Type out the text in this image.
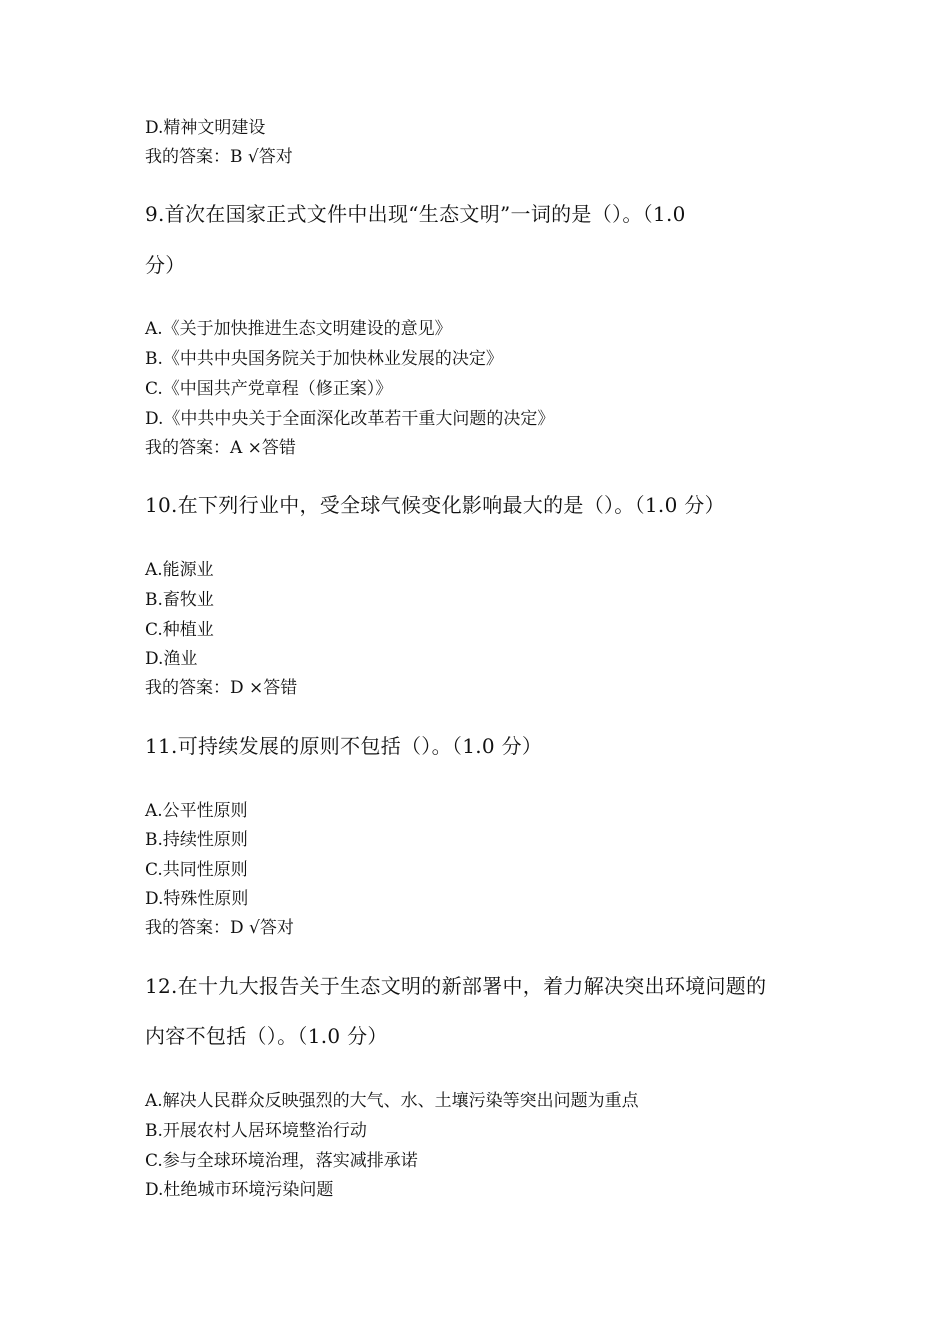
D.精神文明建设
我的答案：B √答对
9.首次在国家正式文件中出现“生态文明”一词的是（）。（1.0
分）
A.《关于加快推进生态文明建设的意见》
B.《中共中央国务院关于加快林业发展的决定》
C.《中国共产党章程（修正案）》
D.《中共中央关于全面深化改革若干重大问题的决定》
我的答案：A ×答错
10.在下列行业中，受全球气候变化影响最大的是（）。（1.0 分）
A.能源业
B.畜牧业
C.种植业
D.渔业
我的答案：D ×答错
11.可持续发展的原则不包括（）。（1.0 分）
A.公平性原则
B.持续性原则
C.共同性原则
D.特殊性原则
我的答案：D √答对
12.在十九大报告关于生态文明的新部署中，着力解决突出环境问题的
内容不包括（）。（1.0 分）
A.解决人民群众反映强烈的大气、水、土壤污染等突出问题为重点
B.开展农村人居环境整治行动
C.参与全球环境治理，落实减排承诺
D.杜绝城市环境污染问题
